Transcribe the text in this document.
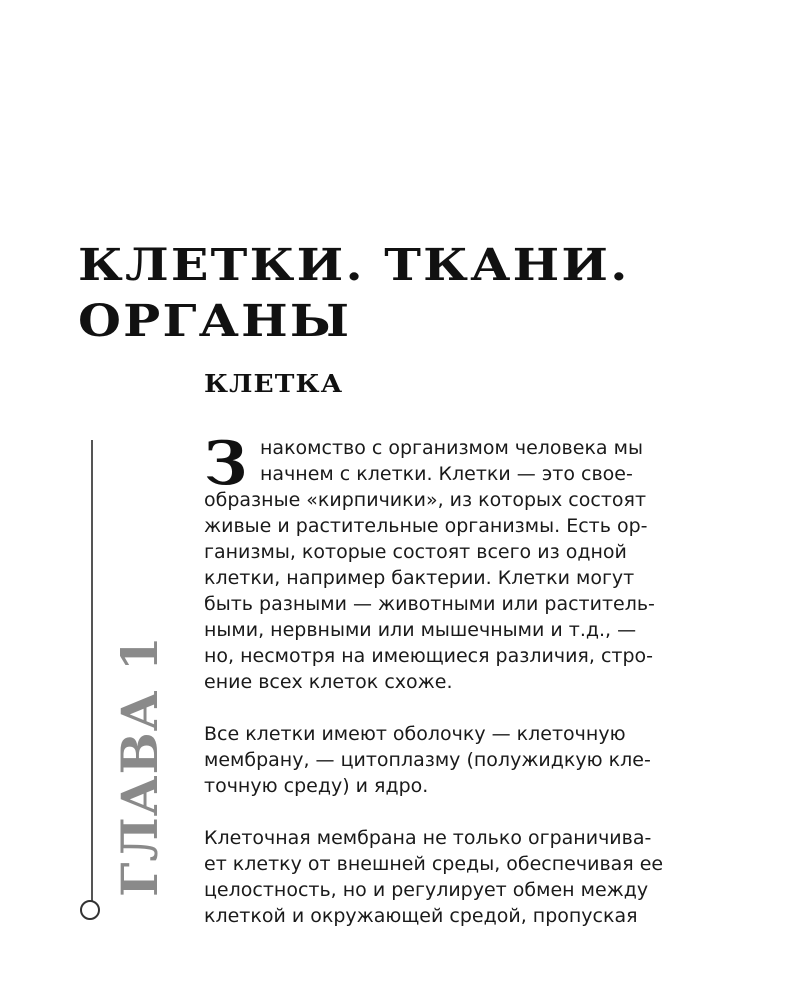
КЛЕТКИ. ТКАНИ.
ОРГАНЫ
КЛЕТКА
ГЛАВА 1
З накомство с организмом человека мы
начнем с клетки. Клетки — это свое-
образные «кирпичики», из которых состоят
живые и растительные организмы. Есть ор-
ганизмы, которые состоят всего из одной
клетки, например бактерии. Клетки могут
быть разными — животными или раститель-
ными, нервными или мышечными и т.д., —
но, несмотря на имеющиеся различия, стро-
ение всех клеток схоже.

Все клетки имеют оболочку — клеточную
мембрану, — цитоплазму (полужидкую кле-
точную среду) и ядро.

Клеточная мембрана не только ограничива-
ет клетку от внешней среды, обеспечивая ее
целостность, но и регулирует обмен между
клеткой и окружающей средой, пропуская
